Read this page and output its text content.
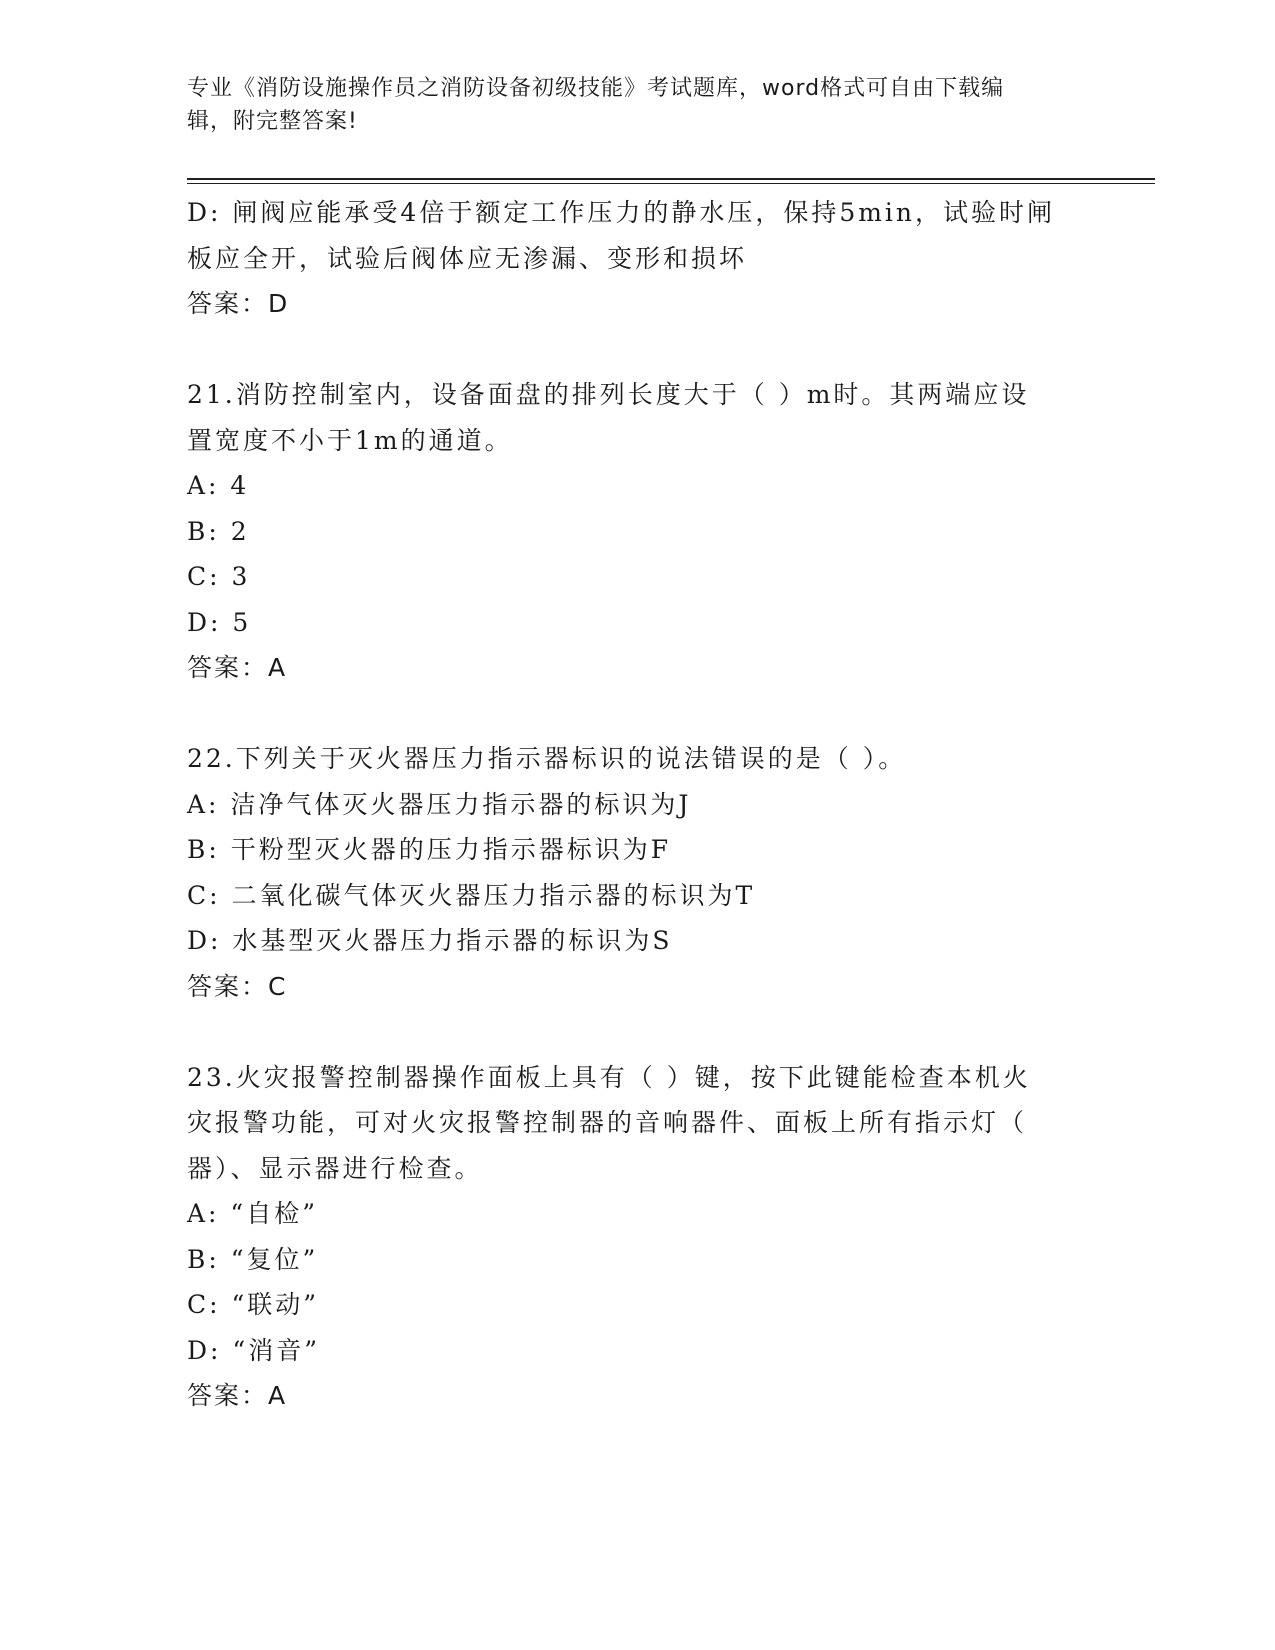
专业《消防设施操作员之消防设备初级技能》考试题库，word格式可自由下载编
辑，附完整答案!
D: 闸阀应能承受4倍于额定工作压力的静水压，保持5min，试验时闸
板应全开，试验后阀体应无渗漏、变形和损坏
答案：D
21.消防控制室内，设备面盘的排列长度大于（ ）m时。其两端应设
置宽度不小于1m的通道。
A: 4
B: 2
C: 3
D: 5
答案：A
22.下列关于灭火器压力指示器标识的说法错误的是（ ）。
A: 洁净气体灭火器压力指示器的标识为J
B: 干粉型灭火器的压力指示器标识为F
C: 二氧化碳气体灭火器压力指示器的标识为T
D: 水基型灭火器压力指示器的标识为S
答案：C
23.火灾报警控制器操作面板上具有（ ）键，按下此键能检查本机火
灾报警功能，可对火灾报警控制器的音响器件、面板上所有指示灯（
器）、显示器进行检查。
A: “自检”
B: “复位”
C: “联动”
D: “消音”
答案：A
